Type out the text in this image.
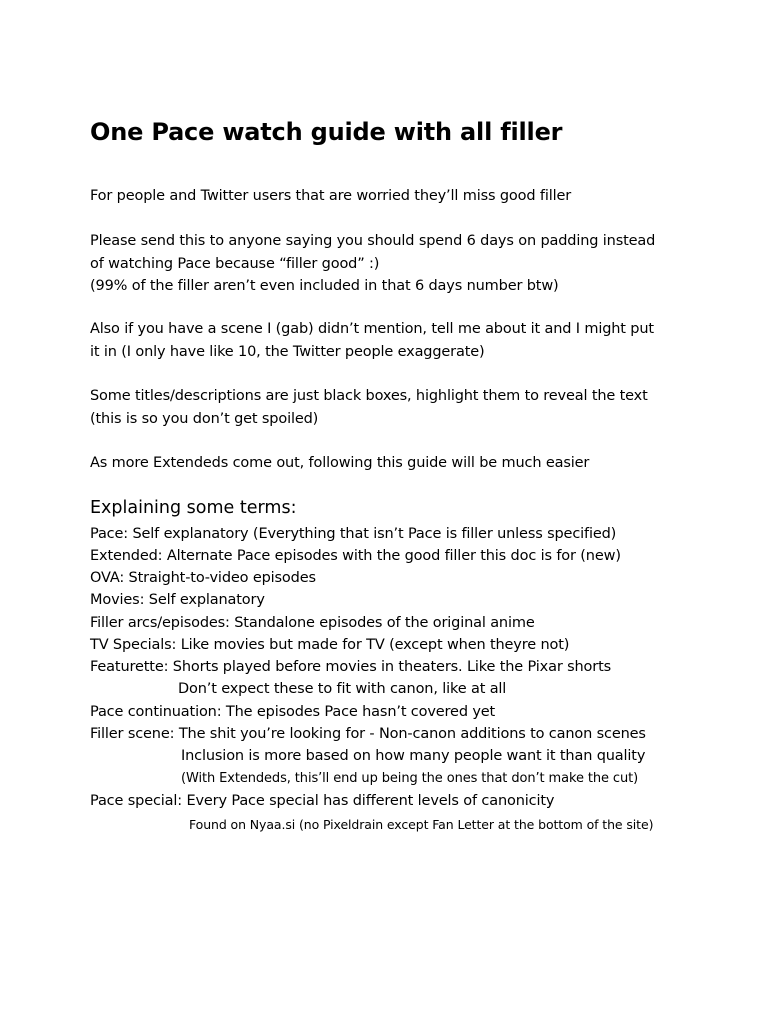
One Pace watch guide with all filler
For people and Twitter users that are worried they’ll miss good filler
Please send this to anyone saying you should spend 6 days on padding instead
of watching Pace because “filler good” :)
(99% of the filler aren’t even included in that 6 days number btw)
Also if you have a scene I (gab) didn’t mention, tell me about it and I might put
it in (I only have like 10, the Twitter people exaggerate)
Some titles/descriptions are just black boxes, highlight them to reveal the text
(this is so you don’t get spoiled)
As more Extendeds come out, following this guide will be much easier
Explaining some terms:
Pace: Self explanatory (Everything that isn’t Pace is filler unless specified)
Extended: Alternate Pace episodes with the good filler this doc is for (new)
OVA: Straight-to-video episodes
Movies: Self explanatory
Filler arcs/episodes: Standalone episodes of the original anime
TV Specials: Like movies but made for TV (except when theyre not)
Featurette: Shorts played before movies in theaters. Like the Pixar shorts
Don’t expect these to fit with canon, like at all
Pace continuation: The episodes Pace hasn’t covered yet
Filler scene: The shit you’re looking for - Non-canon additions to canon scenes
Inclusion is more based on how many people want it than quality
(With Extendeds, this’ll end up being the ones that don’t make the cut)
Pace special: Every Pace special has different levels of canonicity
Found on Nyaa.si (no Pixeldrain except Fan Letter at the bottom of the site)
